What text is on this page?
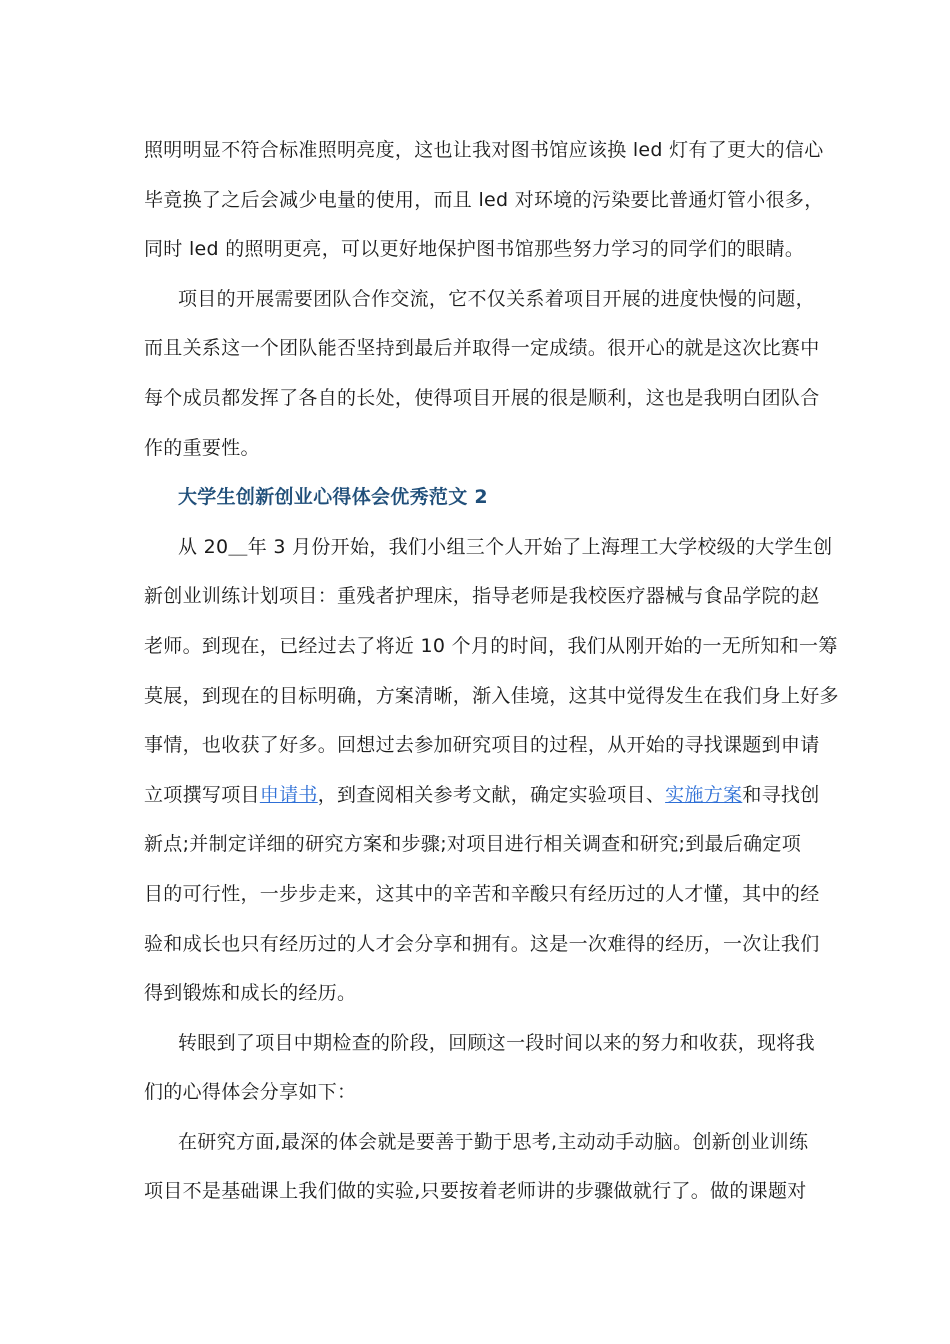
照明明显不符合标准照明亮度，这也让我对图书馆应该换 led 灯有了更大的信心
毕竟换了之后会减少电量的使用，而且 led 对环境的污染要比普通灯管小很多，
同时 led 的照明更亮，可以更好地保护图书馆那些努力学习的同学们的眼睛。
项目的开展需要团队合作交流，它不仅关系着项目开展的进度快慢的问题，
而且关系这一个团队能否坚持到最后并取得一定成绩。很开心的就是这次比赛中
每个成员都发挥了各自的长处，使得项目开展的很是顺利，这也是我明白团队合
作的重要性。
大学生创新创业心得体会优秀范文 2
从 20＿年 3 月份开始，我们小组三个人开始了上海理工大学校级的大学生创
新创业训练计划项目：重残者护理床，指导老师是我校医疗器械与食品学院的赵
老师。到现在，已经过去了将近 10 个月的时间，我们从刚开始的一无所知和一筹
莫展，到现在的目标明确，方案清晰，渐入佳境，这其中觉得发生在我们身上好多
事情，也收获了好多。回想过去参加研究项目的过程，从开始的寻找课题到申请
立项撰写项目申请书，到查阅相关参考文献，确定实验项目、实施方案和寻找创
新点;并制定详细的研究方案和步骤;对项目进行相关调查和研究;到最后确定项
目的可行性，一步步走来，这其中的辛苦和辛酸只有经历过的人才懂，其中的经
验和成长也只有经历过的人才会分享和拥有。这是一次难得的经历，一次让我们
得到锻炼和成长的经历。
转眼到了项目中期检查的阶段，回顾这一段时间以来的努力和收获，现将我
们的心得体会分享如下：
在研究方面,最深的体会就是要善于勤于思考,主动动手动脑。创新创业训练
项目不是基础课上我们做的实验,只要按着老师讲的步骤做就行了。做的课题对
